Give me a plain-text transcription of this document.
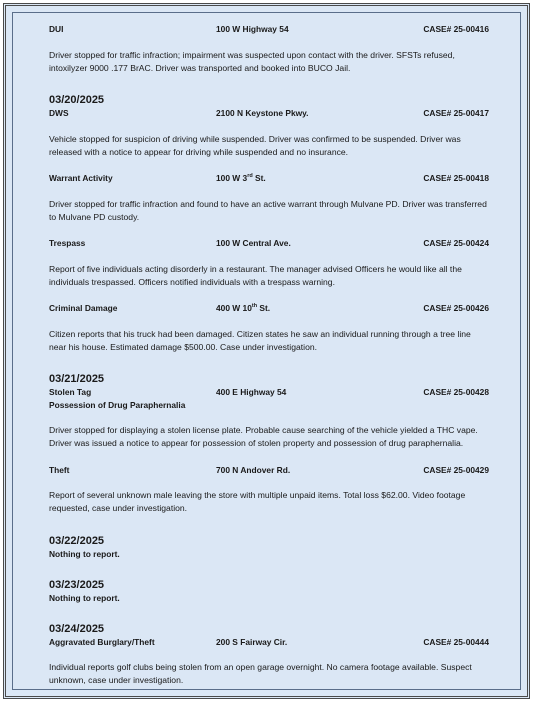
DUI	100 W Highway 54	CASE# 25-00416
Driver stopped for traffic infraction; impairment was suspected upon contact with the driver. SFSTs refused, intoxilyzer 9000 .177 BrAC. Driver was transported and booked into BUCO Jail.
03/20/2025
DWS	2100 N Keystone Pkwy.	CASE# 25-00417
Vehicle stopped for suspicion of driving while suspended. Driver was confirmed to be suspended. Driver was released with a notice to appear for driving while suspended and no insurance.
Warrant Activity	100 W 3rd St.	CASE# 25-00418
Driver stopped for traffic infraction and found to have an active warrant through Mulvane PD. Driver was transferred to Mulvane PD custody.
Trespass	100 W Central Ave.	CASE# 25-00424
Report of five individuals acting disorderly in a restaurant. The manager advised Officers he would like all the individuals trespassed. Officers notified individuals with a trespass warning.
Criminal Damage	400 W 10th St.	CASE# 25-00426
Citizen reports that his truck had been damaged. Citizen states he saw an individual running through a tree line near his house. Estimated damage $500.00. Case under investigation.
03/21/2025
Stolen Tag	400 E Highway 54	CASE# 25-00428
Possession of Drug Paraphernalia
Driver stopped for displaying a stolen license plate. Probable cause searching of the vehicle yielded a THC vape. Driver was issued a notice to appear for possession of stolen property and possession of drug paraphernalia.
Theft	700 N Andover Rd.	CASE# 25-00429
Report of several unknown male leaving the store with multiple unpaid items. Total loss $62.00. Video footage requested, case under investigation.
03/22/2025
Nothing to report.
03/23/2025
Nothing to report.
03/24/2025
Aggravated Burglary/Theft	200 S Fairway Cir.	CASE# 25-00444
Individual reports golf clubs being stolen from an open garage overnight. No camera footage available. Suspect unknown, case under investigation.
